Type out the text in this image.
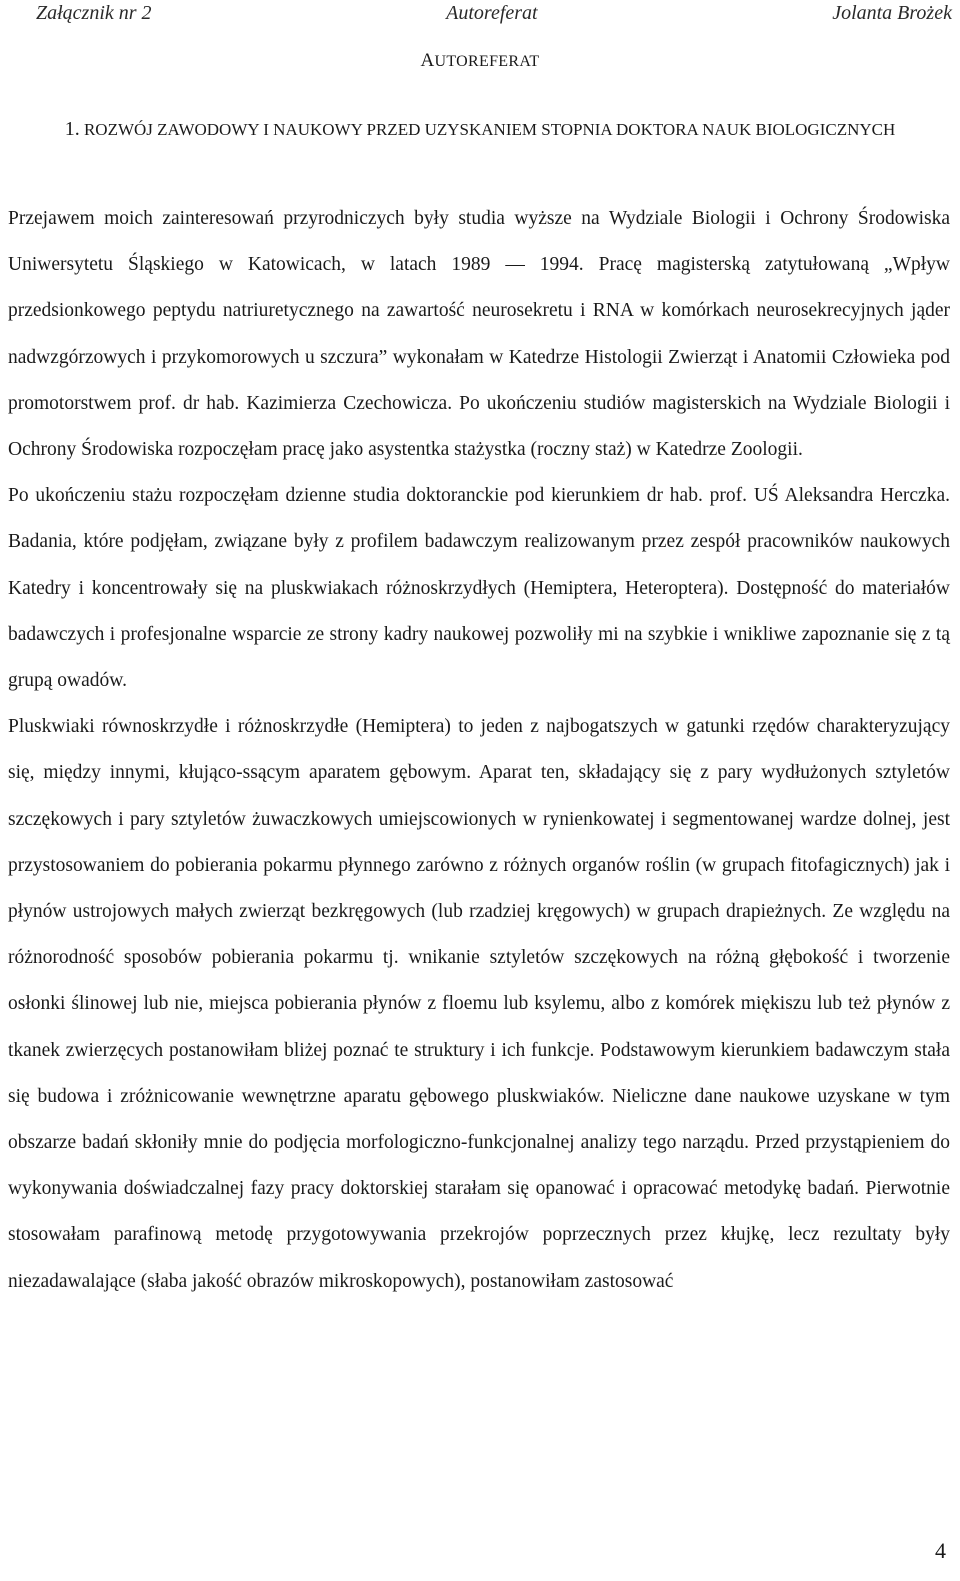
Załącznik nr 2	Autoreferat	Jolanta Brożek
AUTOREFERAT
1. ROZWÓJ ZAWODOWY I NAUKOWY PRZED UZYSKANIEM STOPNIA DOKTORA NAUK BIOLOGICZNYCH

Przejawem moich zainteresowań przyrodniczych były studia wyższe na Wydziale Biologii i Ochrony Środowiska Uniwersytetu Śląskiego w Katowicach, w latach 1989 — 1994. Pracę magisterską zatytułowaną „Wpływ przedsionkowego peptydu natriuretycznego na zawartość neurosekretu i RNA w komórkach neurosekrecyjnych jąder nadwzgórzowych i przykomorowych u szczura” wykonałam w Katedrze Histologii Zwierząt i Anatomii Człowieka pod promotorstwem prof. dr hab. Kazimierza Czechowicza. Po ukończeniu studiów magisterskich na Wydziale Biologii i Ochrony Środowiska rozpoczęłam pracę jako asystentka stażystka (roczny staż) w Katedrze Zoologii.

Po ukończeniu stażu rozpoczęłam dzienne studia doktoranckie pod kierunkiem dr hab. prof. UŚ Aleksandra Herczka. Badania, które podjęłam, związane były z profilem badawczym realizowanym przez zespół pracowników naukowych Katedry i koncentrowały się na pluskwiakach różnoskrzydłych (Hemiptera, Heteroptera). Dostępność do materiałów badawczych i profesjonalne wsparcie ze strony kadry naukowej pozwoliły mi na szybkie i wnikliwe zapoznanie się z tą grupą owadów.

Pluskwiaki równoskrzydłe i różnoskrzydłe (Hemiptera) to jeden z najbogatszych w gatunki rzędów charakteryzujący się, między innymi, kłująco-ssącym aparatem gębowym. Aparat ten, składający się z pary wydłużonych sztyletów szczękowych i pary sztyletów żuwaczkowych umiejscowionych w rynienkowatej i segmentowanej wardze dolnej, jest przystosowaniem do pobierania pokarmu płynnego zarówno z różnych organów roślin (w grupach fitofagicznych) jak i płynów ustrojowych małych zwierząt bezkręgowych (lub rzadziej kręgowych) w grupach drapieżnych. Ze względu na różnorodność sposobów pobierania pokarmu tj. wnikanie sztyletów szczękowych na różną głębokość i tworzenie osłonki ślinowej lub nie, miejsca pobierania płynów z floemu lub ksylemu, albo z komórek miękiszu lub też płynów z tkanek zwierzęcych postanowiłam bliżej poznać te struktury i ich funkcje. Podstawowym kierunkiem badawczym stała się budowa i zróżnicowanie wewnętrzne aparatu gębowego pluskwiaków. Nieliczne dane naukowe uzyskane w tym obszarze badań skłoniły mnie do podjęcia morfologiczno-funkcjonalnej analizy tego narządu. Przed przystąpieniem do wykonywania doświadczalnej fazy pracy doktorskiej starałam się opanować i opracować metodykę badań. Pierwotnie stosowałam parafinową metodę przygotowywania przekrojów poprzecznych przez kłujkę, lecz rezultaty były niezadawalające (słaba jakość obrazów mikroskopowych), postanowiłam zastosować

4
